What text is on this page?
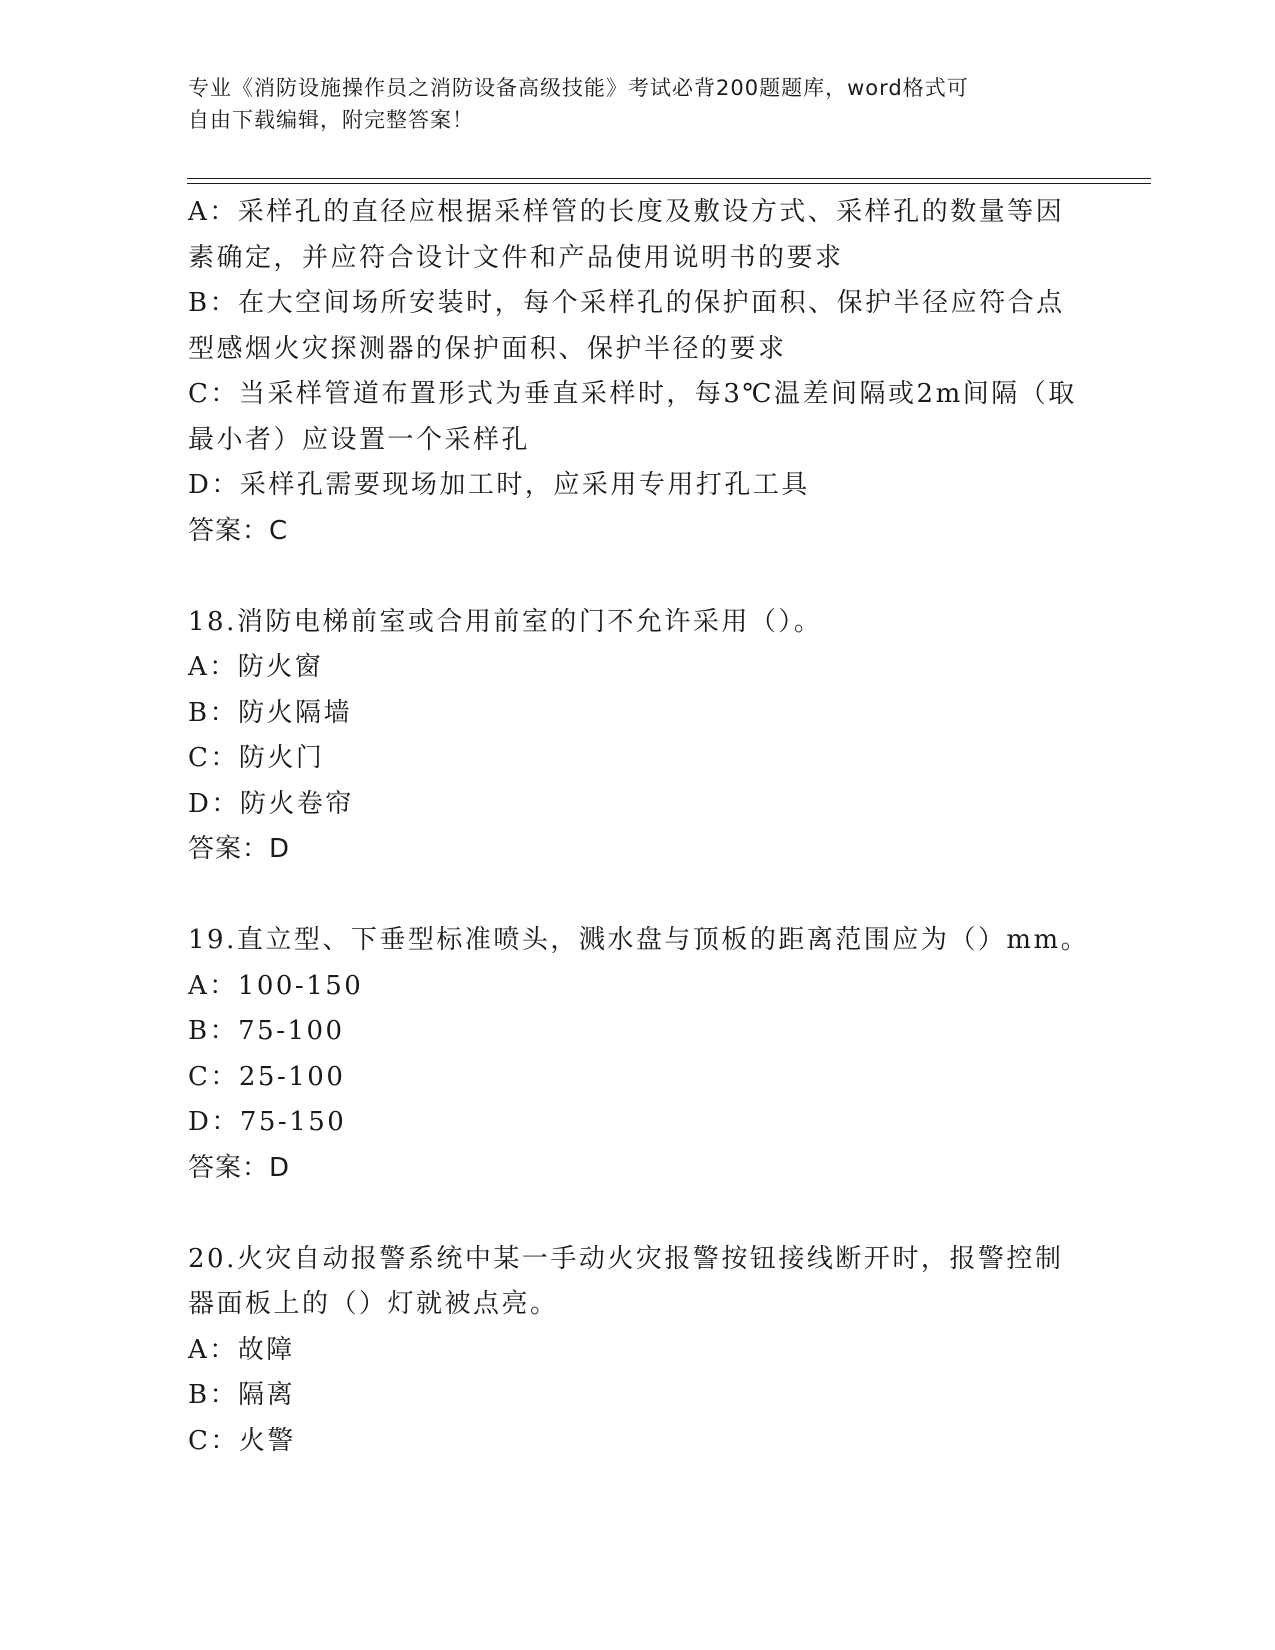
专业《消防设施操作员之消防设备高级技能》考试必背200题题库，word格式可
自由下载编辑，附完整答案！
A：采样孔的直径应根据采样管的长度及敷设方式、采样孔的数量等因
素确定，并应符合设计文件和产品使用说明书的要求
B：在大空间场所安装时，每个采样孔的保护面积、保护半径应符合点
型感烟火灾探测器的保护面积、保护半径的要求
C：当采样管道布置形式为垂直采样时，每3℃温差间隔或2m间隔（取
最小者）应设置一个采样孔
D：采样孔需要现场加工时，应采用专用打孔工具
答案：C
18.消防电梯前室或合用前室的门不允许采用（）。
A：防火窗
B：防火隔墙
C：防火门
D：防火卷帘
答案：D
19.直立型、下垂型标准喷头，溅水盘与顶板的距离范围应为（）mm。
A：100-150
B：75-100
C：25-100
D：75-150
答案：D
20.火灾自动报警系统中某一手动火灾报警按钮接线断开时，报警控制
器面板上的（）灯就被点亮。
A：故障
B：隔离
C：火警
